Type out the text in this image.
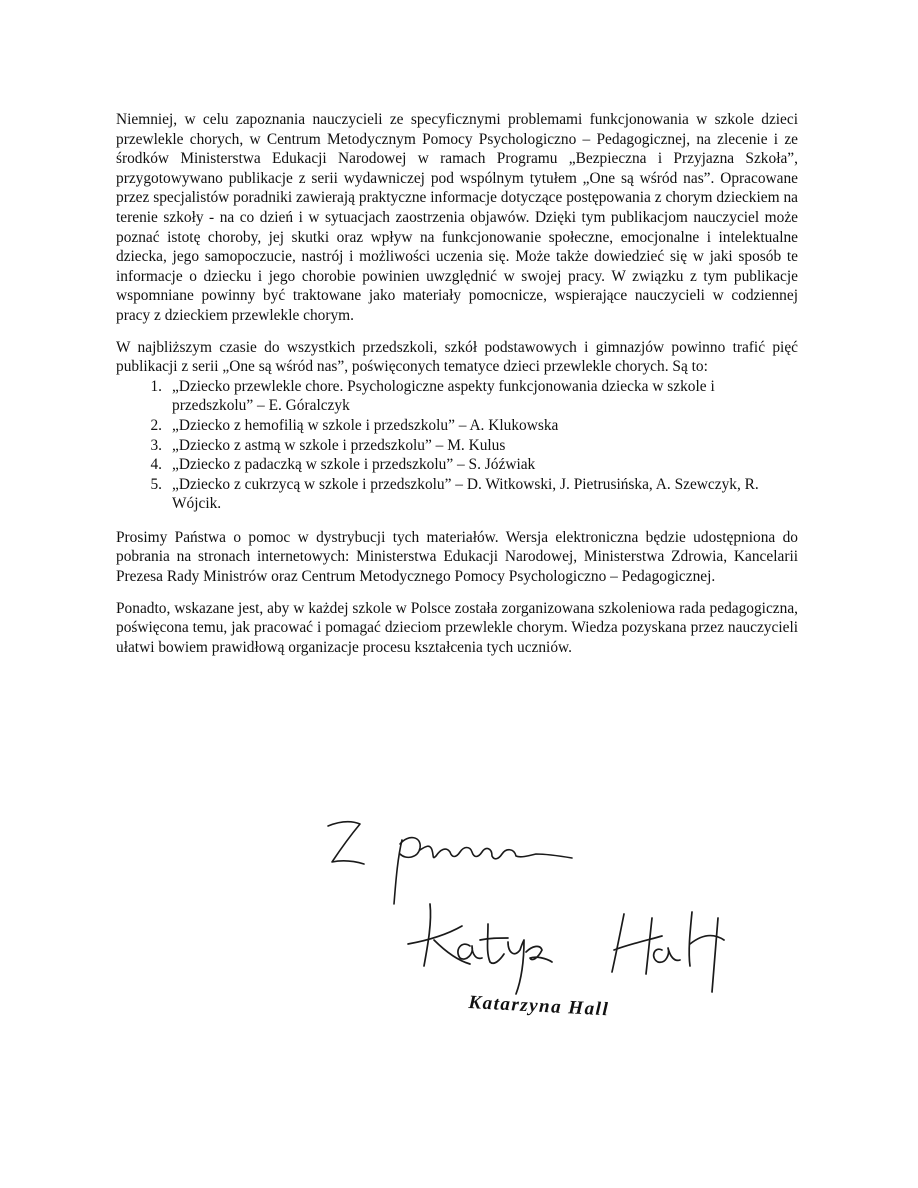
Niemniej, w celu zapoznania nauczycieli ze specyficznymi problemami funkcjonowania w szkole dzieci przewlekle chorych, w Centrum Metodycznym Pomocy Psychologiczno – Pedagogicznej, na zlecenie i ze środków Ministerstwa Edukacji Narodowej w ramach Programu „Bezpieczna i Przyjazna Szkoła”, przygotowywano publikacje z serii wydawniczej pod wspólnym tytułem „One są wśród nas”. Opracowane przez specjalistów poradniki zawierają praktyczne informacje dotyczące postępowania z chorym dzieckiem na terenie szkoły - na co dzień i w sytuacjach zaostrzenia objawów. Dzięki tym publikacjom nauczyciel może poznać istotę choroby, jej skutki oraz wpływ na funkcjonowanie społeczne, emocjonalne i intelektualne dziecka, jego samopoczucie, nastrój i możliwości uczenia się. Może także dowiedzieć się w jaki sposób te informacje o dziecku i jego chorobie powinien uwzględnić w swojej pracy. W związku z tym publikacje wspomniane powinny być traktowane jako materiały pomocnicze, wspierające nauczycieli w codziennej pracy z dzieckiem przewlekle chorym.

W najbliższym czasie do wszystkich przedszkoli, szkół podstawowych i gimnazjów powinno trafić pięć publikacji z serii „One są wśród nas”, poświęconych tematyce dzieci przewlekle chorych. Są to:

1. „Dziecko przewlekle chore. Psychologiczne aspekty funkcjonowania dziecka w szkole i przedszkolu” – E. Góralczyk
2. „Dziecko z hemofilią w szkole i przedszkolu” – A. Klukowska
3. „Dziecko z astmą w szkole i przedszkolu” – M. Kulus
4. „Dziecko z padaczką w szkole i przedszkolu” – S. Jóźwiak
5. „Dziecko z cukrzycą w szkole i przedszkolu” – D. Witkowski, J. Pietrusińska, A. Szewczyk, R. Wójcik.

Prosimy Państwa o pomoc w dystrybucji tych materiałów. Wersja elektroniczna będzie udostępniona do pobrania na stronach internetowych: Ministerstwa Edukacji Narodowej, Ministerstwa Zdrowia, Kancelarii Prezesa Rady Ministrów oraz Centrum Metodycznego Pomocy Psychologiczno – Pedagogicznej.

Ponadto, wskazane jest, aby w każdej szkole w Polsce została zorganizowana szkoleniowa rada pedagogiczna, poświęcona temu, jak pracować i pomagać dzieciom przewlekle chorym. Wiedza pozyskana przez nauczycieli ułatwi bowiem prawidłową organizacje procesu kształcenia tych uczniów.

Katarzyna Hall
